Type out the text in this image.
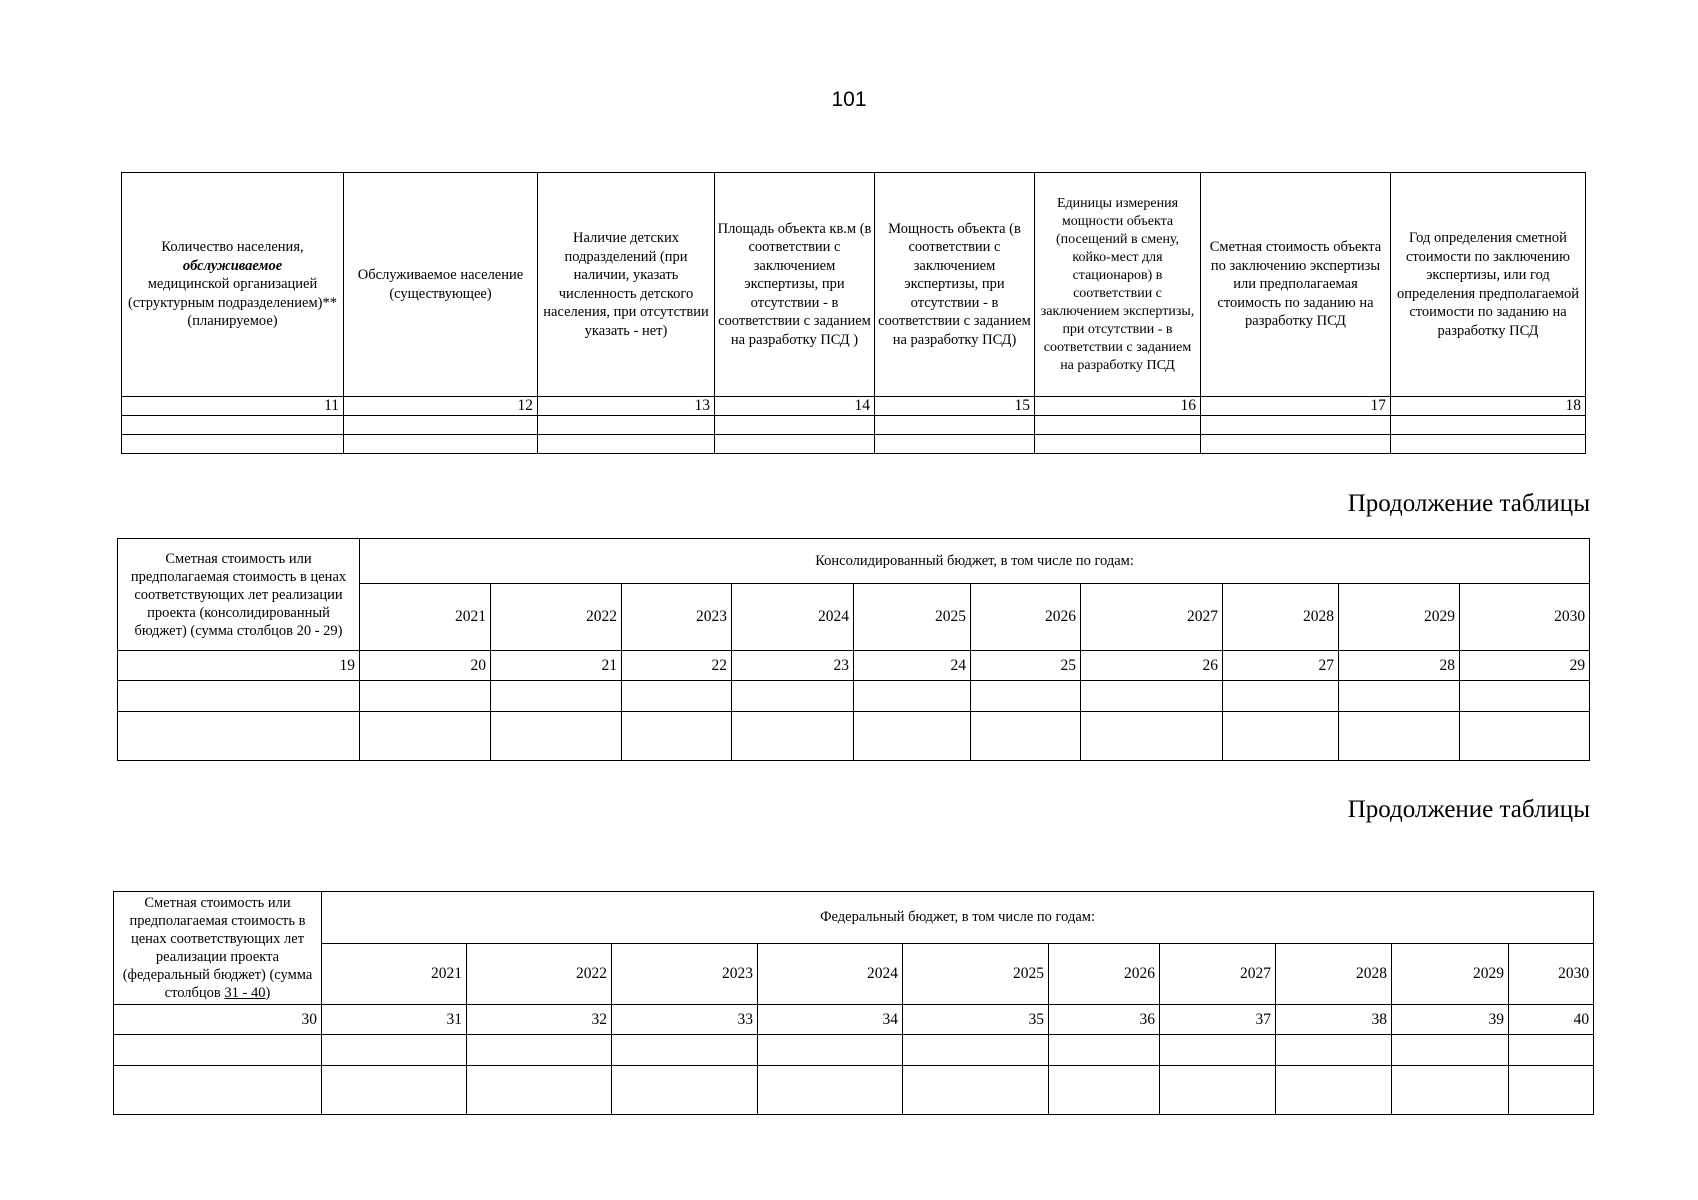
101
Количество населения,
обслуживаемое
медицинской организацией (структурным подразделением)** (планируемое)	Обслуживаемое население (существующее)	Наличие детских подразделений (при наличии, указать численность детского населения, при отсутствии указать - нет)	Площадь объекта кв.м (в соответствии с заключением экспертизы, при отсутствии - в соответствии с заданием на разработку ПСД )	Мощность объекта (в соответствии с заключением экспертизы, при отсутствии - в соответствии с заданием на разработку ПСД)	Единицы измерения мощности объекта (посещений в смену, койко-мест для стационаров) в соответствии с заключением экспертизы, при отсутствии - в соответствии с заданием на разработку ПСД	Сметная стоимость объекта по заключению экспертизы или предполагаемая стоимость по заданию на разработку ПСД	Год определения сметной стоимости по заключению экспертизы, или год определения предполагаемой стоимости по заданию на разработку ПСД
11	12	13	14	15	16	17	18

Продолжение таблицы
Сметная стоимость или предполагаемая стоимость в ценах соответствующих лет реализации проекта (консолидированный бюджет) (сумма столбцов 20 - 29)	Консолидированный бюджет, в том числе по годам:									
	2021	2022	2023	2024	2025	2026	2027	2028	2029	2030
19	20	21	22	23	24	25	26	27	28	29

Продолжение таблицы
Сметная стоимость или предполагаемая стоимость в ценах соответствующих лет реализации проекта (федеральный бюджет) (сумма столбцов 31 - 40)	Федеральный бюджет, в том числе по годам:									
	2021	2022	2023	2024	2025	2026	2027	2028	2029	2030
30	31	32	33	34	35	36	37	38	39	40
